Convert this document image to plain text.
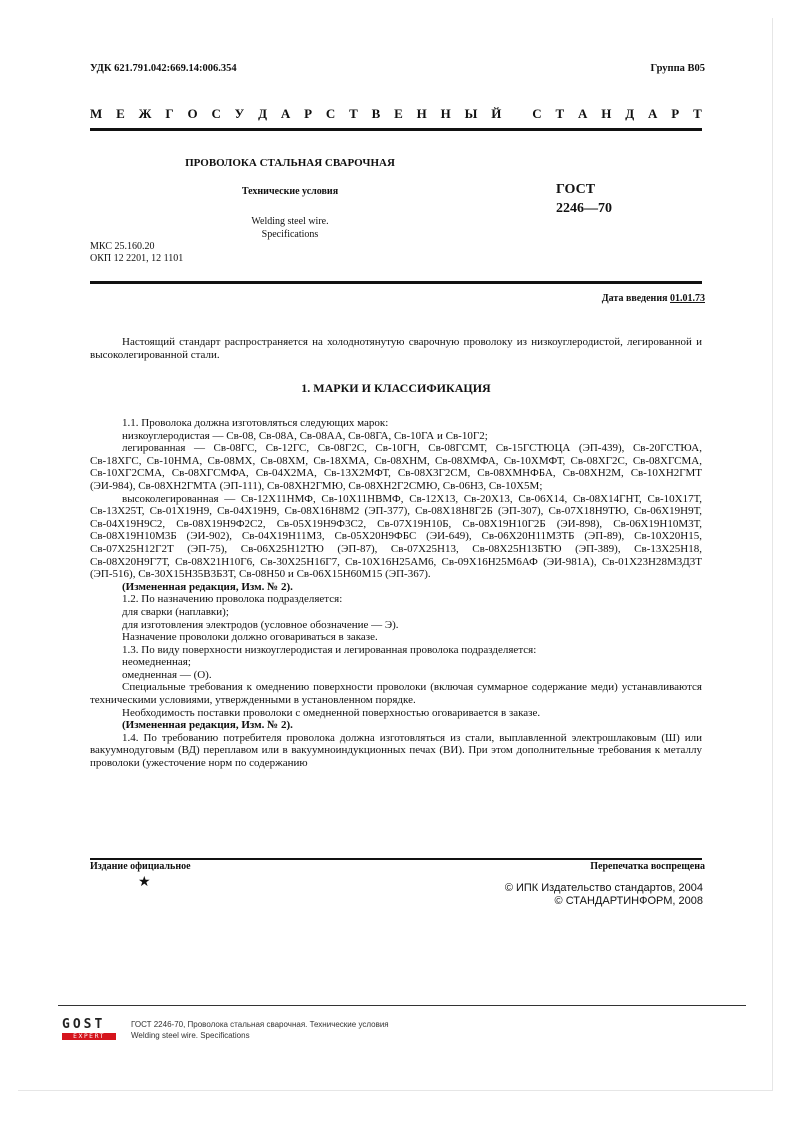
УДК 621.791.042:669.14:006.354	Группа В05
М Е Ж Г О С У Д А Р С Т В Е Н Н Ы Й
С Т А Н Д А Р Т
ПРОВОЛОКА СТАЛЬНАЯ СВАРОЧНАЯ
Технические условия
Welding steel wire.
Specifications
ГОСТ
2246—70
МКС 25.160.20
ОКП 12 2201, 12 1101
Дата введения 01.01.73

Настоящий стандарт распространяется на холоднотянутую сварочную проволоку из низкоуглеродистой, легированной и высоколегированной стали.

1. МАРКИ И КЛАССИФИКАЦИЯ

1.1. Проволока должна изготовляться следующих марок:

низкоуглеродистая — Св-08, Св-08А, Св-08АА, Св-08ГА, Св-10ГА и Св-10Г2;

легированная — Св-08ГС, Св-12ГС, Св-08Г2С, Св-10ГН, Св-08ГСМТ, Св-15ГСТЮЦА (ЭП-439), Св-20ГСТЮА, Св-18ХГС, Св-10НМА, Св-08МХ, Св-08ХМ, Св-18ХМА, Св-08ХНМ, Св-08ХМФА, Св-10ХМФТ, Св-08ХГ2С, Св-08ХГСМА, Св-10ХГ2СМА, Св-08ХГСМФА, Св-04Х2МА, Св-13Х2МФТ, Св-08Х3Г2СМ, Св-08ХМНФБА, Св-08ХН2М, Св-10ХН2ГМТ (ЭИ-984), Св-08ХН2ГМТА (ЭП-111), Св-08ХН2ГМЮ, Св-08ХН2Г2СМЮ, Св-06Н3, Св-10Х5М;

высоколегированная — Св-12Х11НМФ, Св-10Х11НВМФ, Св-12Х13, Св-20Х13, Св-06Х14, Св-08Х14ГНТ, Св-10Х17Т, Св-13Х25Т, Св-01Х19Н9, Св-04Х19Н9, Св-08Х16Н8М2 (ЭП-377), Св-08Х18Н8Г2Б (ЭП-307), Св-07Х18Н9ТЮ, Св-06Х19Н9Т, Св-04Х19Н9С2, Св-08Х19Н9Ф2С2, Св-05Х19Н9Ф3С2, Св-07Х19Н10Б, Св-08Х19Н10Г2Б (ЭИ-898), Св-06Х19Н10М3Т, Св-08Х19Н10М3Б (ЭИ-902), Св-04Х19Н11М3, Св-05Х20Н9ФБС (ЭИ-649), Св-06Х20Н11М3ТБ (ЭП-89), Св-10Х20Н15, Св-07Х25Н12Г2Т (ЭП-75), Св-06Х25Н12ТЮ (ЭП-87), Св-07Х25Н13, Св-08Х25Н13БТЮ (ЭП-389), Св-13Х25Н18, Св-08Х20Н9Г7Т, Св-08Х21Н10Г6, Св-30Х25Н16Г7, Св-10Х16Н25АМ6, Св-09Х16Н25М6АФ (ЭИ-981А), Св-01Х23Н28М3Д3Т (ЭП-516), Св-30Х15Н35В3Б3Т, Св-08Н50 и Св-06Х15Н60М15 (ЭП-367).

(Измененная редакция, Изм. № 2).

1.2. По назначению проволока подразделяется:

для сварки (наплавки);

для изготовления электродов (условное обозначение — Э).

Назначение проволоки должно оговариваться в заказе.

1.3. По виду поверхности низкоуглеродистая и легированная проволока подразделяется:

неомедненная;

омедненная — (О).

Специальные требования к омеднению поверхности проволоки (включая суммарное содержание меди) устанавливаются техническими условиями, утвержденными в установленном порядке.

Необходимость поставки проволоки с омедненной поверхностью оговаривается в заказе.

(Измененная редакция, Изм. № 2).

1.4. По требованию потребителя проволока должна изготовляться из стали, выплавленной электрошлаковым (Ш) или вакуумнодуговым (ВД) переплавом или в вакуумноиндукционных печах (ВИ). При этом дополнительные требования к металлу проволоки (ужесточение норм по содержанию

Издание официальное	Перепечатка воспрещена
★	© ИПК Издательство стандартов, 2004
© СТАНДАРТИНФОРМ, 2008
GOST
EXPERT
ГОСТ 2246-70, Проволока стальная сварочная. Технические условия
Welding steel wire. Specifications
